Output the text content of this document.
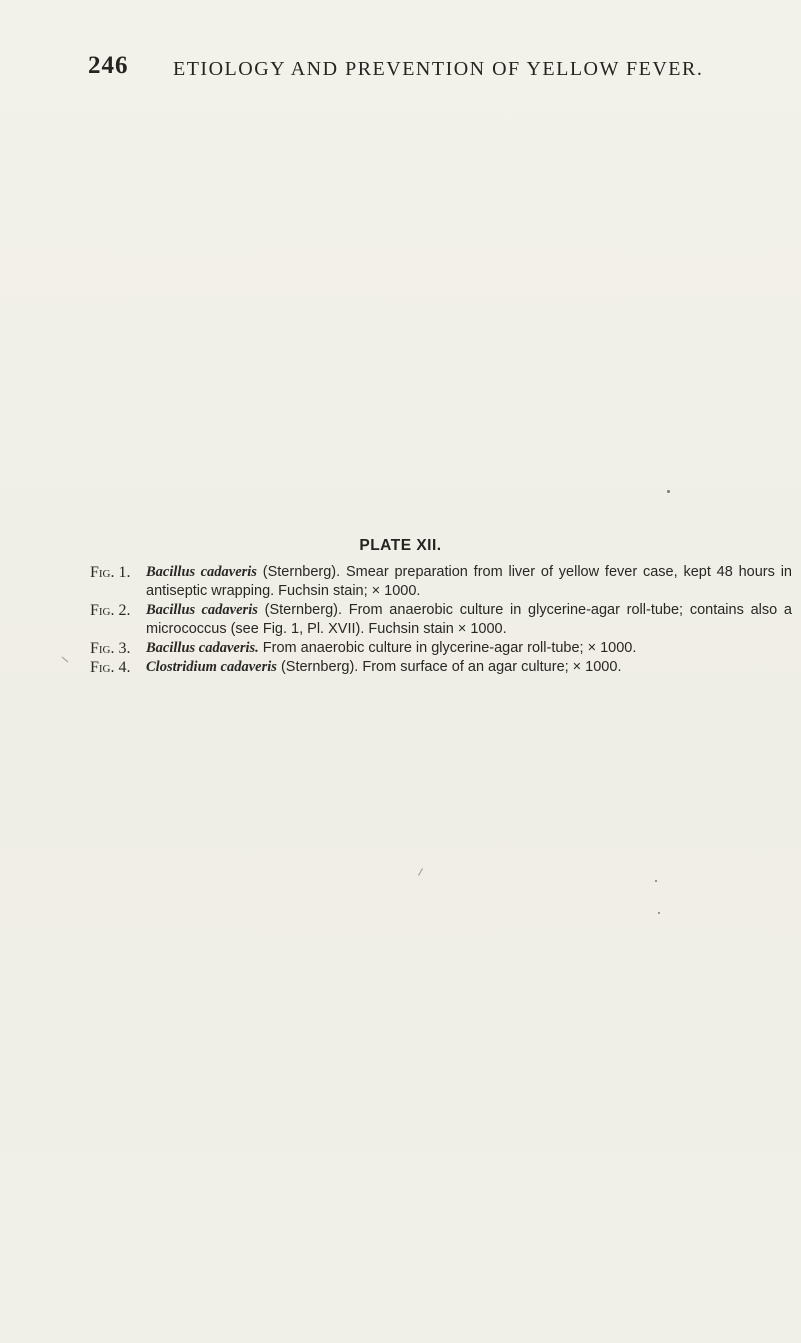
246 ETIOLOGY AND PREVENTION OF YELLOW FEVER.
PLATE XII.

Fig. 1. Bacillus cadaveris (Sternberg). Smear preparation from liver of yellow fever case, kept 48 hours in antiseptic wrapping. Fuchsin stain; × 1000.

Fig. 2. Bacillus cadaveris (Sternberg). From anaerobic culture in glycerine-agar roll-tube; contains also a micrococcus (see Fig. 1, Pl. XVII). Fuchsin stain × 1000.

Fig. 3. Bacillus cadaveris. From anaerobic culture in glycerine-agar roll-tube; × 1000.

Fig. 4. Clostridium cadaveris (Sternberg). From surface of an agar culture; × 1000.
